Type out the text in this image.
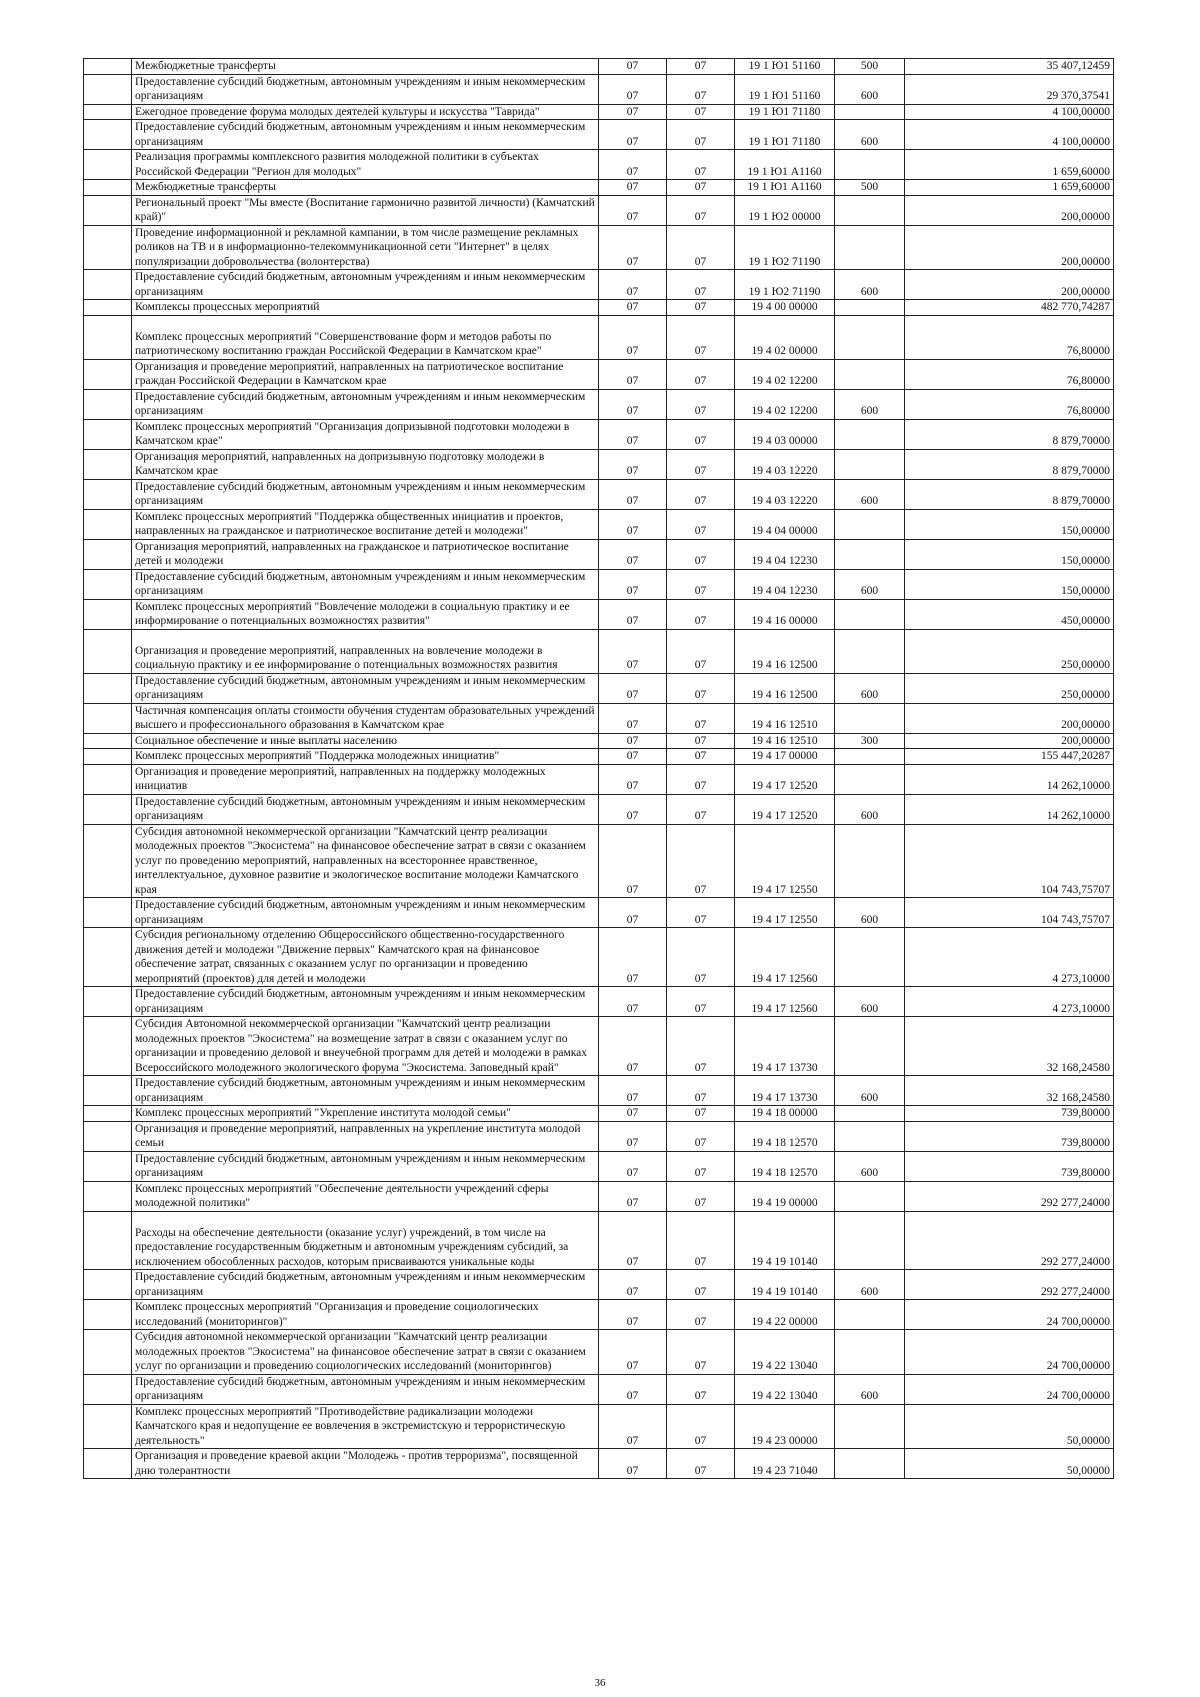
	Межбюджетные трансферты	07	07	19 1 Ю1 51160	500	35 407,12459
	Предоставление субсидий бюджетным, автономным учреждениям и иным некоммерческим организациям	07	07	19 1 Ю1 51160	600	29 370,37541
	Ежегодное проведение форума молодых деятелей культуры и искусства "Таврида"	07	07	19 1 Ю1 71180		4 100,00000
	Предоставление субсидий бюджетным, автономным учреждениям и иным некоммерческим организациям	07	07	19 1 Ю1 71180	600	4 100,00000
	Реализация программы комплексного развития молодежной политики в субъектах Российской Федерации "Регион для молодых"	07	07	19 1 Ю1 А1160		1 659,60000
	Межбюджетные трансферты	07	07	19 1 Ю1 А1160	500	1 659,60000
	Региональный проект "Мы вместе (Воспитание гармонично развитой личности) (Камчатский край)"	07	07	19 1 Ю2 00000		200,00000
	Проведение информационной и рекламной кампании, в том числе размещение рекламных роликов на ТВ и в информационно-телекоммуникационной сети "Интернет" в целях популяризации добровольчества (волонтерства)	07	07	19 1 Ю2 71190		200,00000
	Предоставление субсидий бюджетным, автономным учреждениям и иным некоммерческим организациям	07	07	19 1 Ю2 71190	600	200,00000
	Комплексы процессных мероприятий	07	07	19 4 00 00000		482 770,74287
	Комплекс процессных мероприятий "Совершенствование форм и методов работы по патриотическому воспитанию граждан Российской Федерации в Камчатском крае"	07	07	19 4 02 00000		76,80000
	Организация и проведение мероприятий, направленных на патриотическое воспитание граждан Российской Федерации в Камчатском крае	07	07	19 4 02 12200		76,80000
	Предоставление субсидий бюджетным, автономным учреждениям и иным некоммерческим организациям	07	07	19 4 02 12200	600	76,80000
	Комплекс процессных мероприятий "Организация допризывной подготовки молодежи в Камчатском крае"	07	07	19 4 03 00000		8 879,70000
	Организация мероприятий, направленных на допризывную подготовку молодежи в Камчатском крае	07	07	19 4 03 12220		8 879,70000
	Предоставление субсидий бюджетным, автономным учреждениям и иным некоммерческим организациям	07	07	19 4 03 12220	600	8 879,70000
	Комплекс процессных мероприятий "Поддержка общественных инициатив и проектов, направленных на гражданское и патриотическое воспитание детей и молодежи"	07	07	19 4 04 00000		150,00000
	Организация мероприятий, направленных на гражданское и патриотическое воспитание детей и молодежи	07	07	19 4 04 12230		150,00000
	Предоставление субсидий бюджетным, автономным учреждениям и иным некоммерческим организациям	07	07	19 4 04 12230	600	150,00000
	Комплекс процессных мероприятий "Вовлечение молодежи в социальную практику и ее информирование о потенциальных возможностях развития"	07	07	19 4 16 00000		450,00000
	Организация и проведение мероприятий, направленных на вовлечение молодежи в социальную практику и ее информирование о потенциальных возможностях развития	07	07	19 4 16 12500		250,00000
	Предоставление субсидий бюджетным, автономным учреждениям и иным некоммерческим организациям	07	07	19 4 16 12500	600	250,00000
	Частичная компенсация оплаты стоимости обучения студентам образовательных учреждений высшего и профессионального образования в Камчатском крае	07	07	19 4 16 12510		200,00000
	Социальное обеспечение и иные выплаты населению	07	07	19 4 16 12510	300	200,00000
	Комплекс процессных мероприятий "Поддержка молодежных инициатив"	07	07	19 4 17 00000		155 447,20287
	Организация и проведение мероприятий, направленных на поддержку молодежных инициатив	07	07	19 4 17 12520		14 262,10000
	Предоставление субсидий бюджетным, автономным учреждениям и иным некоммерческим организациям	07	07	19 4 17 12520	600	14 262,10000
	Субсидия автономной некоммерческой организации "Камчатский центр реализации молодежных проектов "Экосистема" на финансовое обеспечение затрат в связи с оказанием услуг по проведению мероприятий, направленных на всестороннее нравственное, интеллектуальное, духовное развитие и экологическое воспитание молодежи Камчатского края	07	07	19 4 17 12550		104 743,75707
	Предоставление субсидий бюджетным, автономным учреждениям и иным некоммерческим организациям	07	07	19 4 17 12550	600	104 743,75707
	Субсидия региональному отделению Общероссийского общественно-государственного движения детей и молодежи "Движение первых" Камчатского края на финансовое обеспечение затрат, связанных с оказанием услуг по организации и проведению мероприятий (проектов) для детей и молодежи	07	07	19 4 17 12560		4 273,10000
	Предоставление субсидий бюджетным, автономным учреждениям и иным некоммерческим организациям	07	07	19 4 17 12560	600	4 273,10000
	Субсидия Автономной некоммерческой организации "Камчатский центр реализации молодежных проектов "Экосистема" на возмещение затрат в связи с оказанием услуг по организации и проведению деловой и внеучебной программ для детей и молодежи в рамках Всероссийского молодежного экологического форума "Экосистема. Заповедный край"	07	07	19 4 17 13730		32 168,24580
	Предоставление субсидий бюджетным, автономным учреждениям и иным некоммерческим организациям	07	07	19 4 17 13730	600	32 168,24580
	Комплекс процессных мероприятий "Укрепление института молодой семьи"	07	07	19 4 18 00000		739,80000
	Организация и проведение мероприятий, направленных на укрепление института молодой семьи	07	07	19 4 18 12570		739,80000
	Предоставление субсидий бюджетным, автономным учреждениям и иным некоммерческим организациям	07	07	19 4 18 12570	600	739,80000
	Комплекс процессных мероприятий "Обеспечение деятельности учреждений сферы молодежной политики"	07	07	19 4 19 00000		292 277,24000
	Расходы на обеспечение деятельности (оказание услуг) учреждений, в том числе на предоставление государственным бюджетным и автономным учреждениям субсидий, за исключением обособленных расходов, которым присваиваются уникальные коды	07	07	19 4 19 10140		292 277,24000
	Предоставление субсидий бюджетным, автономным учреждениям и иным некоммерческим организациям	07	07	19 4 19 10140	600	292 277,24000
	Комплекс процессных мероприятий "Организация и проведение социологических исследований (мониторингов)"	07	07	19 4 22 00000		24 700,00000
	Субсидия автономной некоммерческой организации "Камчатский центр реализации молодежных проектов "Экосистема" на финансовое обеспечение затрат в связи с оказанием услуг по организации и проведению социологических исследований (мониторингов)	07	07	19 4 22 13040		24 700,00000
	Предоставление субсидий бюджетным, автономным учреждениям и иным некоммерческим организациям	07	07	19 4 22 13040	600	24 700,00000
	Комплекс процессных мероприятий "Противодействие радикализации молодежи Камчатского края и недопущение ее вовлечения в экстремистскую и террористическую деятельность"	07	07	19 4 23 00000		50,00000
	Организация и проведение краевой акции "Молодежь - против терроризма", посвященной дню толерантности	07	07	19 4 23 71040		50,00000
36
